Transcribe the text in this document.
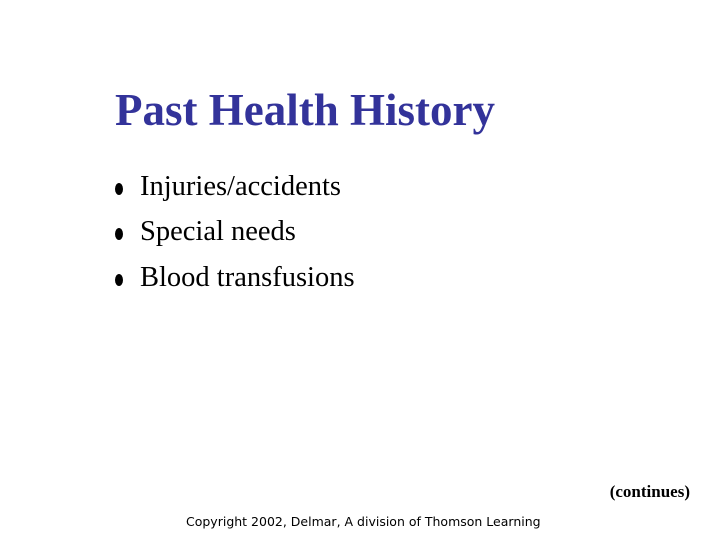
Past Health History
Injuries/accidents
Special needs
Blood transfusions

(continues)

Copyright 2002, Delmar, A division of Thomson Learning
